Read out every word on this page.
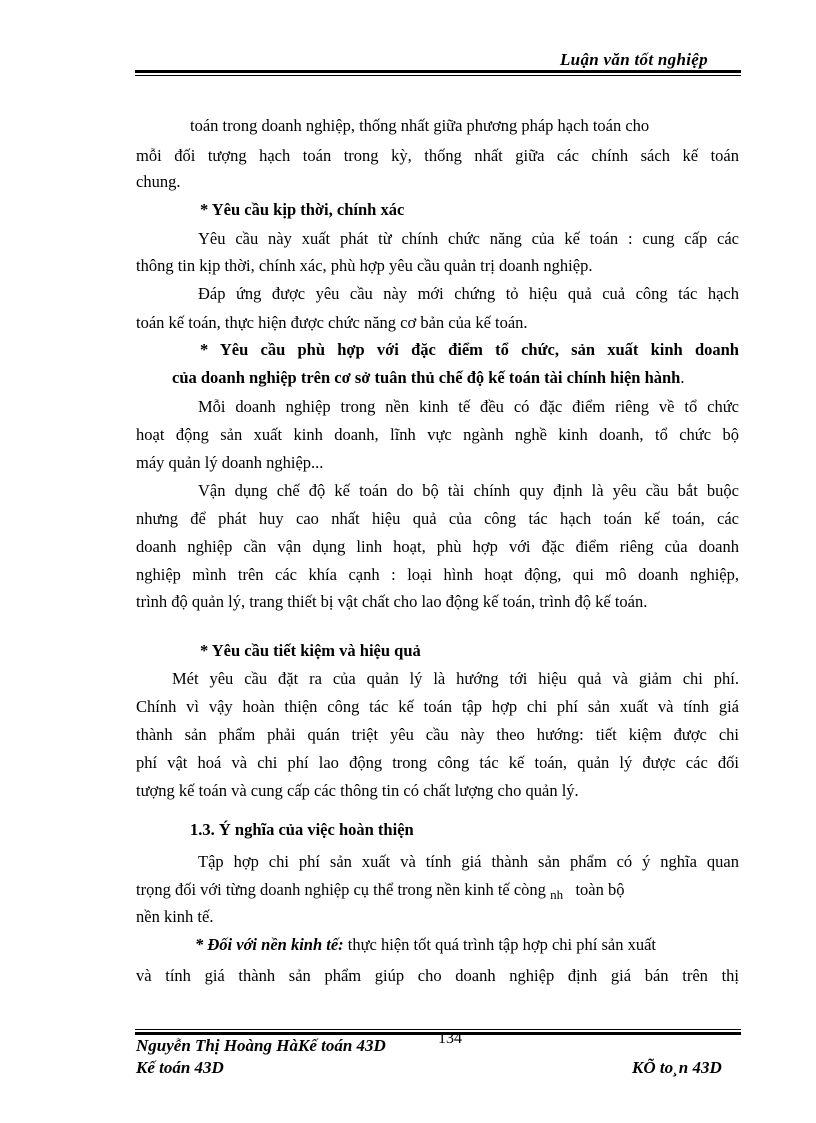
Luận văn tốt nghiệp
toán trong doanh nghiệp, thống nhất giữa phương pháp hạch toán cho
mỗi đối tượng hạch toán trong kỳ, thống nhất giữa các chính sách kế toán
chung.
* Yêu cầu kịp thời, chính xác
Yêu cầu này xuất phát từ chính chức năng của kế toán : cung cấp các
thông tin kịp thời, chính xác, phù hợp yêu cầu quản trị doanh nghiệp.
Đáp ứng được yêu cầu này mới chứng tỏ hiệu quả cuả công tác hạch
toán kế toán, thực hiện được chức năng cơ bản của kế toán.
* Yêu cầu phù hợp với đặc điểm tổ chức, sản xuất kinh doanh
của doanh nghiệp trên cơ sở tuân thủ chế độ kế toán tài chính hiện hành.
Mỗi doanh nghiệp trong nền kinh tế đều có đặc điểm riêng về tổ chức
hoạt động sản xuất kinh doanh, lĩnh vực ngành nghề kinh doanh, tổ chức bộ
máy quản lý doanh nghiệp...
Vận dụng chế độ kế toán do bộ tài chính quy định là yêu cầu bắt buộc
nhưng để phát huy cao nhất hiệu quả của công tác hạch toán kế toán, các
doanh nghiệp cần vận dụng linh hoạt, phù hợp với đặc điểm riêng của doanh
nghiệp mình trên các khía cạnh : loại hình hoạt động, qui mô doanh nghiệp,
trình độ quản lý, trang thiết bị vật chất cho lao động kế toán, trình độ kế toán.
* Yêu cầu tiết kiệm và hiệu quả
Mét yêu cầu đặt ra của quản lý là hướng tới hiệu quả và giảm chi phí.
Chính vì vậy hoàn thiện công tác kế toán tập hợp chi phí sản xuất và tính giá
thành sản phẩm phải quán triệt yêu cầu này theo hướng: tiết kiệm được chi
phí vật hoá và chi phí lao động trong công tác kế toán, quản lý được các đối
tượng kế toán và cung cấp các thông tin có chất lượng cho quản lý.
1.3. Ý nghĩa của việc hoàn thiện
Tập hợp chi phí sản xuất và tính giá thành sản phẩm có ý nghĩa quan
trọng đối với từng doanh nghiệp cụ thể trong nền kinh tế còng $_{nh}$ toàn bộ
nền kinh tế.
* Đối với nền kinh tế: thực hiện tốt quá trình tập hợp chi phí sản xuất
và tính giá thành sản phẩm giúp cho doanh nghiệp định giá bán trên thị
Nguyễn Thị Hoàng HàKế toán 43D	134
Kế toán 43D	KÕ to¸n 43D
